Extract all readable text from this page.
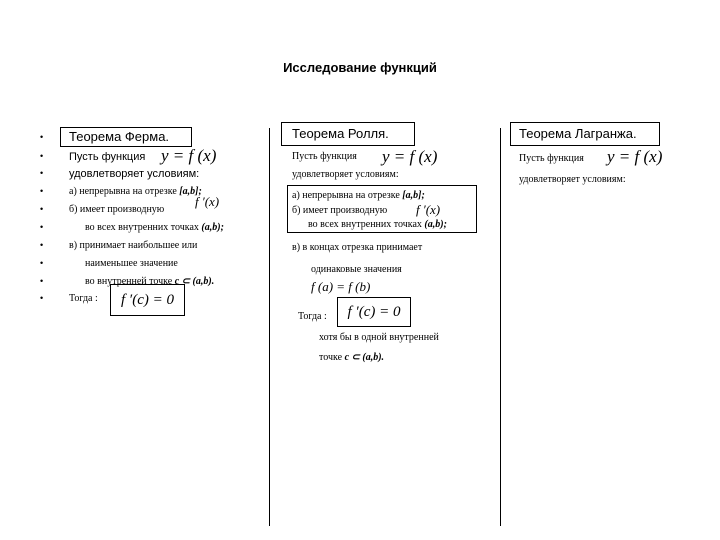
Исследование функций
•
•
•
•
•
•
•
•
•
•
Теорема Ферма.
Пусть функция y = f (x)
удовлетворяет условиям:
а) непрерывна на отрезке [a,b];
б) имеет производную
f ′(x)
во всех внутренних точках (a,b);
в) принимает наибольшее или
наименьшее значение
во внутренней точке c ⊂ (a,b).
Тогда :	f ′(c) = 0
Теорема Ролля.
Пусть функция y = f (x)
удовлетворяет условиям:
а) непрерывна на отрезке [a,b];
б) имеет производную f ′(x)
во всех внутренних точках (a,b);
в) в концах отрезка принимает
одинаковые значения
f (a) = f (b)
Тогда :	f ′(c) = 0
хотя бы в одной внутренней
точке c ⊂ (a,b).
Теорема Лагранжа.
Пусть функция y = f (x)
удовлетворяет условиям:
